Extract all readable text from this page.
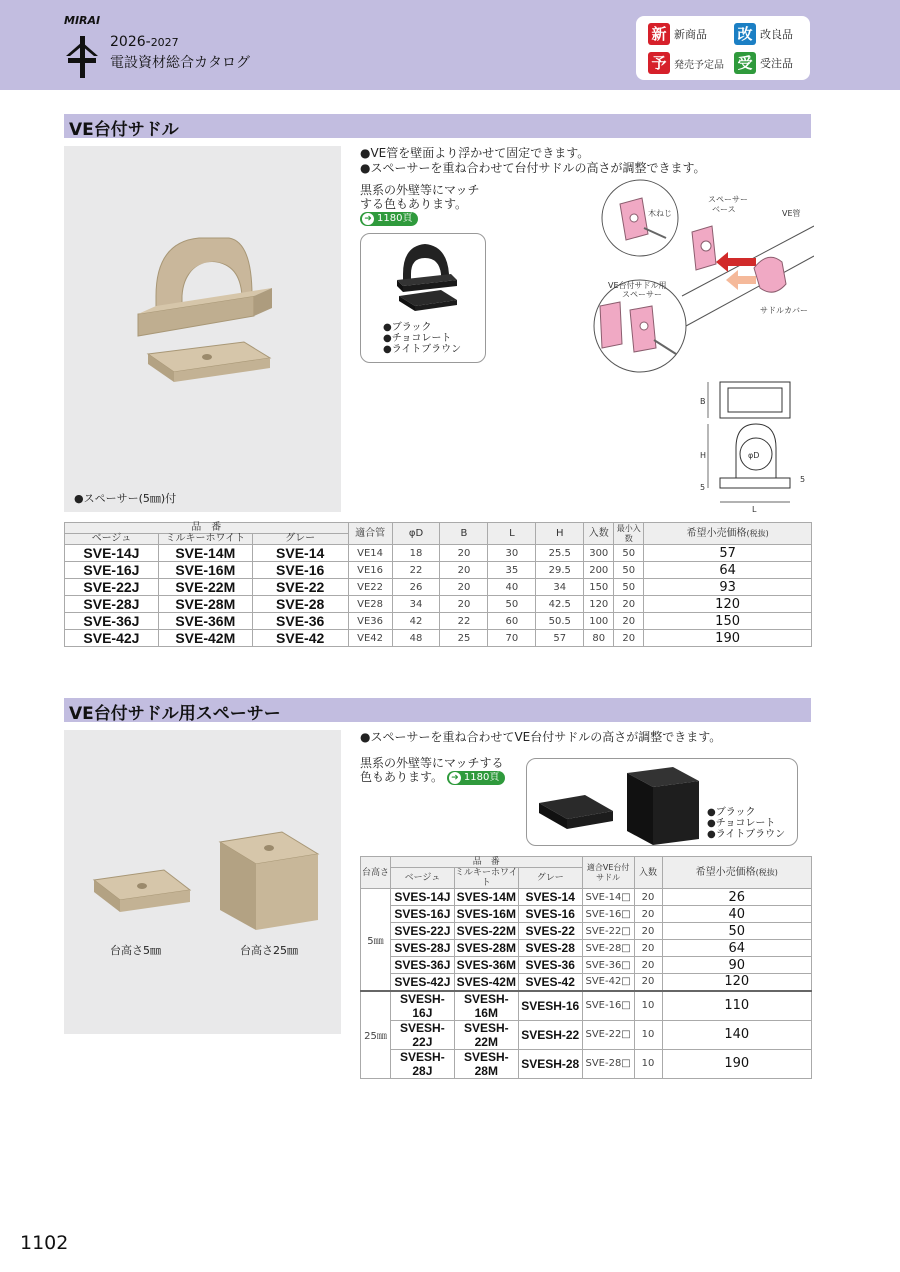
MIRAI
2026-2027
電設資材総合カタログ
新 新商品 改 改良品
予 発売予定品 受 受注品
VE台付サドル
●スペーサー(5㎜)付
●VE管を壁面より浮かせて固定できます。
●スペーサーを重ね合わせて台付サドルの高さが調整できます。
黒系の外壁等にマッチ
する色もあります。
➜ 1180頁
●ブラック
●チョコレート
●ライトブラウン
木ねじ
スペーサー
ベース	VE管
サドルカバー
VE台付サドル用
スペーサー
B
φD
H
5
5
L
品　番			適合管	φD	B	L	H	入数	最小入数	希望小売価格(税抜)
ベージュ	ミルキーホワイト	グレー								
SVE-14J	SVE-14M	SVE-14	VE14	18	20	30	25.5	300	50	57
SVE-16J	SVE-16M	SVE-16	VE16	22	20	35	29.5	200	50	64
SVE-22J	SVE-22M	SVE-22	VE22	26	20	40	34	150	50	93
SVE-28J	SVE-28M	SVE-28	VE28	34	20	50	42.5	120	20	120
SVE-36J	SVE-36M	SVE-36	VE36	42	22	60	50.5	100	20	150
SVE-42J	SVE-42M	SVE-42	VE42	48	25	70	57	80	20	190
VE台付サドル用スペーサー
台高さ5㎜	台高さ25㎜
●スペーサーを重ね合わせてVE台付サドルの高さが調整できます。
黒系の外壁等にマッチする
色もあります。 ➜ 1180頁
●ブラック
●チョコレート
●ライトブラウン
台高さ	品　番			適合VE台付
サドル	入数	希望小売価格(税抜)
	ベージュ	ミルキーホワイト	グレー			
5㎜	SVES-14J	SVES-14M	SVES-14	SVE-14□	20	26
	SVES-16J	SVES-16M	SVES-16	SVE-16□	20	40
	SVES-22J	SVES-22M	SVES-22	SVE-22□	20	50
	SVES-28J	SVES-28M	SVES-28	SVE-28□	20	64
	SVES-36J	SVES-36M	SVES-36	SVE-36□	20	90
	SVES-42J	SVES-42M	SVES-42	SVE-42□	20	120
25㎜	SVESH-16J	SVESH-16M	SVESH-16	SVE-16□	10	110
	SVESH-22J	SVESH-22M	SVESH-22	SVE-22□	10	140
	SVESH-28J	SVESH-28M	SVESH-28	SVE-28□	10	190
1102
